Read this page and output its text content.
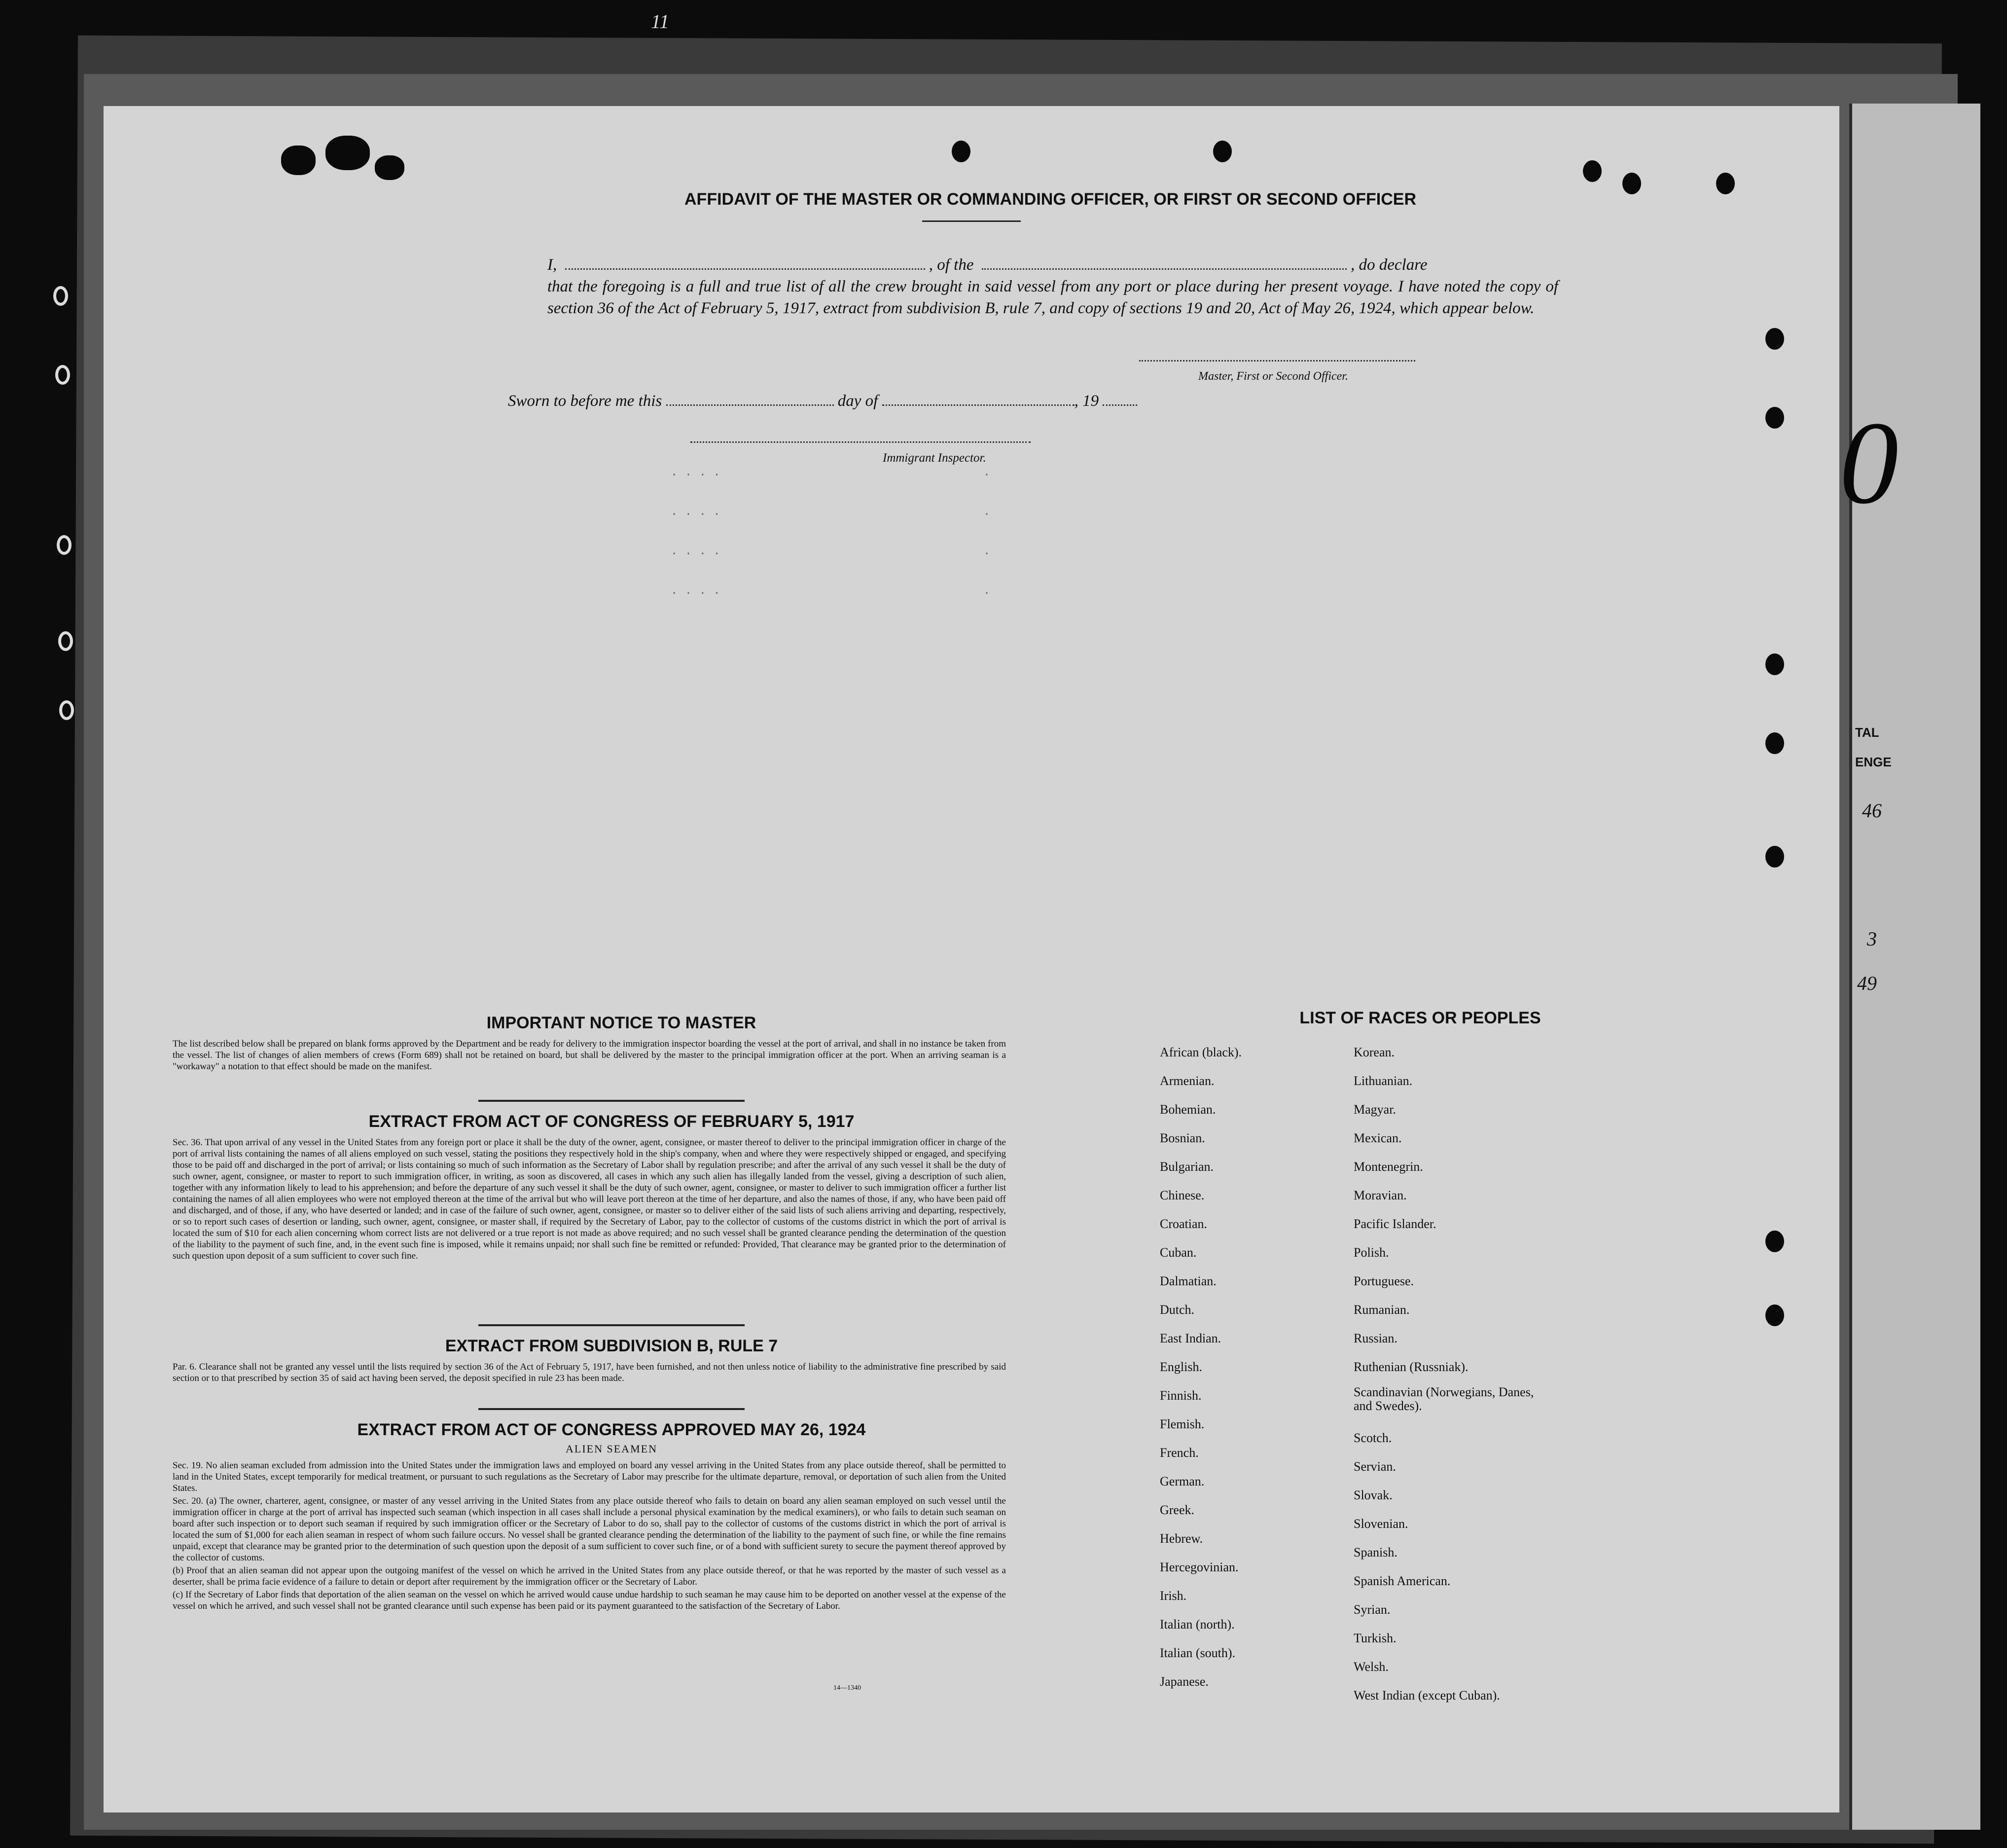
TAL
ENGE
46
3
49
0
11
. . . .                                     .
. . . .                                     .
. . . .                                     .
. . . .                                     .
AFFIDAVIT OF THE MASTER OR COMMANDING OFFICER, OR FIRST OR SECOND OFFICER
I,	, of the	, do declare
that the foregoing is a full and true list of all the crew brought in said vessel from any port or place during her present voyage. I have noted the copy of section 36 of the Act of February 5, 1917, extract from subdivision B, rule 7, and copy of sections 19 and 20, Act of May 26, 1924, which appear below.
Master, First or Second Officer.
Sworn to before me this	day of	, 19
Immigrant Inspector.
IMPORTANT NOTICE TO MASTER
The list described below shall be prepared on blank forms approved by the Department and be ready for delivery to the immigration inspector boarding the vessel at the port of arrival, and shall in no instance be taken from the vessel. The list of changes of alien members of crews (Form 689) shall not be retained on board, but shall be delivered by the master to the principal immigration officer at the port. When an arriving seaman is a "workaway" a notation to that effect should be made on the manifest.
EXTRACT FROM ACT OF CONGRESS OF FEBRUARY 5, 1917
Sec. 36. That upon arrival of any vessel in the United States from any foreign port or place it shall be the duty of the owner, agent, consignee, or master thereof to deliver to the principal immigration officer in charge of the port of arrival lists containing the names of all aliens employed on such vessel, stating the positions they respectively hold in the ship's company, when and where they were respectively shipped or engaged, and specifying those to be paid off and discharged in the port of arrival; or lists containing so much of such information as the Secretary of Labor shall by regulation prescribe; and after the arrival of any such vessel it shall be the duty of such owner, agent, consignee, or master to report to such immigration officer, in writing, as soon as discovered, all cases in which any such alien has illegally landed from the vessel, giving a description of such alien, together with any information likely to lead to his apprehension; and before the departure of any such vessel it shall be the duty of such owner, agent, consignee, or master to deliver to such immigration officer a further list containing the names of all alien employees who were not employed thereon at the time of the arrival but who will leave port thereon at the time of her departure, and also the names of those, if any, who have been paid off and discharged, and of those, if any, who have deserted or landed; and in case of the failure of such owner, agent, consignee, or master so to deliver either of the said lists of such aliens arriving and departing, respectively, or so to report such cases of desertion or landing, such owner, agent, consignee, or master shall, if required by the Secretary of Labor, pay to the collector of customs of the customs district in which the port of arrival is located the sum of $10 for each alien concerning whom correct lists are not delivered or a true report is not made as above required; and no such vessel shall be granted clearance pending the determination of the question of the liability to the payment of such fine, and, in the event such fine is imposed, while it remains unpaid; nor shall such fine be remitted or refunded: Provided, That clearance may be granted prior to the determination of such question upon deposit of a sum sufficient to cover such fine.
EXTRACT FROM SUBDIVISION B, RULE 7
Par. 6. Clearance shall not be granted any vessel until the lists required by section 36 of the Act of February 5, 1917, have been furnished, and not then unless notice of liability to the administrative fine prescribed by said section or to that prescribed by section 35 of said act having been served, the deposit specified in rule 23 has been made.
EXTRACT FROM ACT OF CONGRESS APPROVED MAY 26, 1924
ALIEN SEAMEN
Sec. 19. No alien seaman excluded from admission into the United States under the immigration laws and employed on board any vessel arriving in the United States from any place outside thereof, shall be permitted to land in the United States, except temporarily for medical treatment, or pursuant to such regulations as the Secretary of Labor may prescribe for the ultimate departure, removal, or deportation of such alien from the United States.
Sec. 20. (a) The owner, charterer, agent, consignee, or master of any vessel arriving in the United States from any place outside thereof who fails to detain on board any alien seaman employed on such vessel until the immigration officer in charge at the port of arrival has inspected such seaman (which inspection in all cases shall include a personal physical examination by the medical examiners), or who fails to detain such seaman on board after such inspection or to deport such seaman if required by such immigration officer or the Secretary of Labor to do so, shall pay to the collector of customs of the customs district in which the port of arrival is located the sum of $1,000 for each alien seaman in respect of whom such failure occurs. No vessel shall be granted clearance pending the determination of the liability to the payment of such fine, or while the fine remains unpaid, except that clearance may be granted prior to the determination of such question upon the deposit of a sum sufficient to cover such fine, or of a bond with sufficient surety to secure the payment thereof approved by the collector of customs.
(b) Proof that an alien seaman did not appear upon the outgoing manifest of the vessel on which he arrived in the United States from any place outside thereof, or that he was reported by the master of such vessel as a deserter, shall be prima facie evidence of a failure to detain or deport after requirement by the immigration officer or the Secretary of Labor.
(c) If the Secretary of Labor finds that deportation of the alien seaman on the vessel on which he arrived would cause undue hardship to such seaman he may cause him to be deported on another vessel at the expense of the vessel on which he arrived, and such vessel shall not be granted clearance until such expense has been paid or its payment guaranteed to the satisfaction of the Secretary of Labor.
14—1340
LIST OF RACES OR PEOPLES
African (black).
Armenian.
Bohemian.
Bosnian.
Bulgarian.
Chinese.
Croatian.
Cuban.
Dalmatian.
Dutch.
East Indian.
English.
Finnish.
Flemish.
French.
German.
Greek.
Hebrew.
Hercegovinian.
Irish.
Italian (north).
Italian (south).
Japanese.
Korean.
Lithuanian.
Magyar.
Mexican.
Montenegrin.
Moravian.
Pacific Islander.
Polish.
Portuguese.
Rumanian.
Russian.
Ruthenian (Russniak).
Scandinavian (Norwegians, Danes, and Swedes).
Scotch.
Servian.
Slovak.
Slovenian.
Spanish.
Spanish American.
Syrian.
Turkish.
Welsh.
West Indian (except Cuban).
